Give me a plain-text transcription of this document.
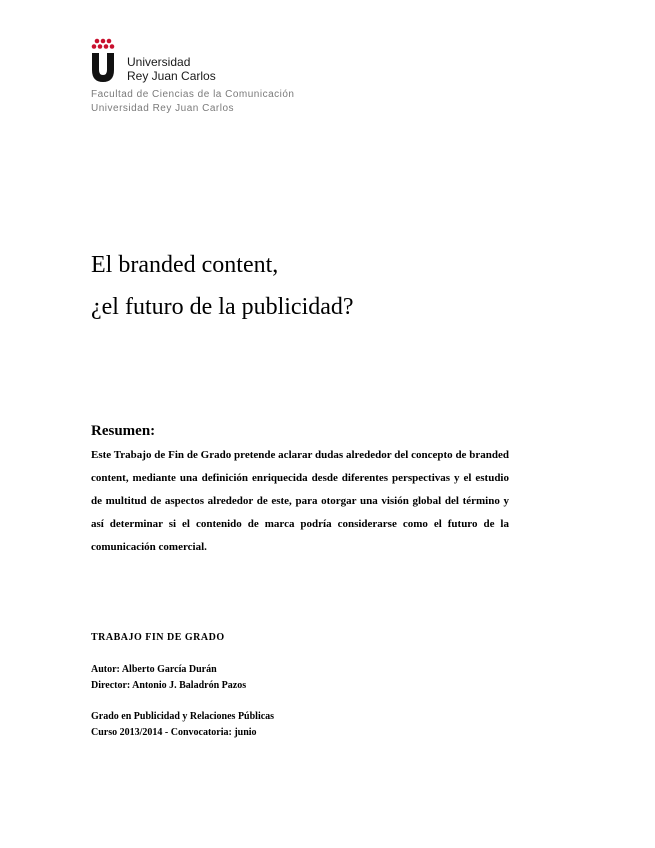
Universidad
Rey Juan Carlos
Facultad de Ciencias de la Comunicación
Universidad Rey Juan Carlos
El branded content,
¿el futuro de la publicidad?
Resumen:

Este Trabajo de Fin de Grado pretende aclarar dudas alrededor del concepto de branded content, mediante una definición enriquecida desde diferentes perspectivas y el estudio de multitud de aspectos alrededor de este, para otorgar una visión global del término y así determinar si el contenido de marca podría considerarse como el futuro de la comunicación comercial.

TRABAJO FIN DE GRADO
Autor: Alberto García Durán
Director: Antonio J. Baladrón Pazos
Grado en Publicidad y Relaciones Públicas
Curso 2013/2014 - Convocatoria: junio
